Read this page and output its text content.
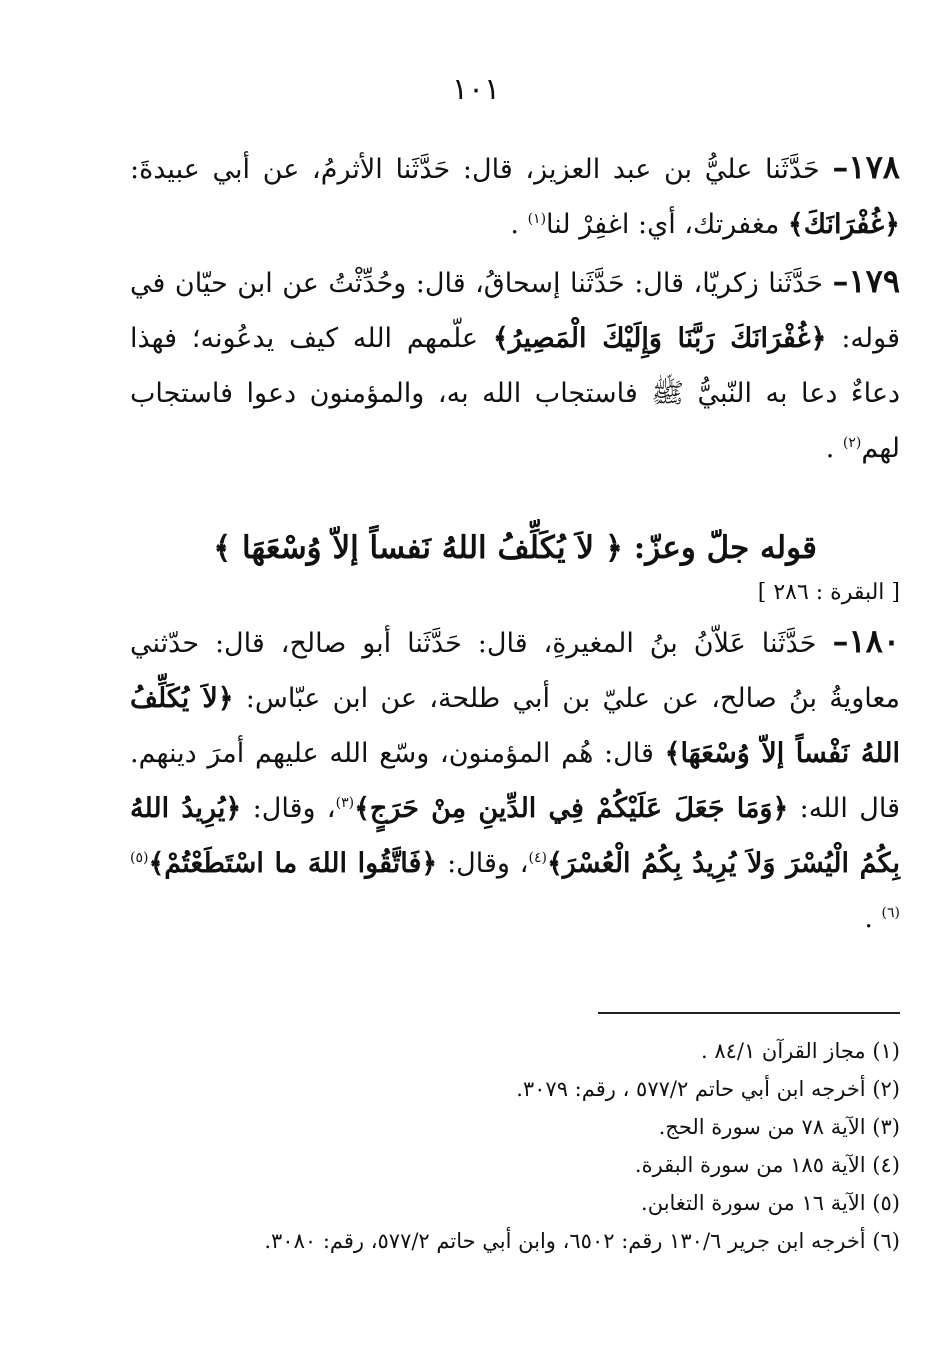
١٠١

١٧٨– حَدَّثَنا عليُّ بن عبد العزيز، قال: حَدَّثَنا الأثرمُ، عن أبي عبيدةَ: ﴿غُفْرَانَكَ﴾ مغفرتك، أي: اغفِرْ لنا$^{(١)}$ .

١٧٩– حَدَّثَنا زكريّا، قال: حَدَّثَنا إسحاقُ، قال: وحُدِّثْتُ عن ابن حيّان في قوله: ﴿غُفْرَانَكَ رَبَّنَا وَإِلَيْكَ الْمَصِيرُ﴾ علّمهم الله كيف يدعُونه؛ فهذا دعاءٌ دعا به النّبيُّ ﷺ فاستجاب الله به، والمؤمنون دعوا فاستجاب لهم$^{(٢)}$ .

قوله جلّ وعزّ: ﴿ لاَ يُكَلِّفُ اللهُ نَفساً إلاّ وُسْعَهَا ﴾

[ البقرة : ٢٨٦ ]

١٨٠– حَدَّثَنا عَلاّنُ بنُ المغيرةِ، قال: حَدَّثَنا أبو صالح، قال: حدّثني معاويةُ بنُ صالح، عن عليّ بن أبي طلحة، عن ابن عبّاس: ﴿لاَ يُكَلِّفُ اللهُ نَفْساً إلاّ وُسْعَهَا﴾ قال: هُم المؤمنون، وسّع الله عليهم أمرَ دينهم. قال الله: ﴿وَمَا جَعَلَ عَلَيْكُمْ فِي الدِّينِ مِنْ حَرَجٍ﴾$^{(٣)}$، وقال: ﴿يُرِيدُ اللهُ بِكُمُ الْيُسْرَ وَلاَ يُرِيدُ بِكُمُ الْعُسْرَ﴾$^{(٤)}$، وقال: ﴿فَاتَّقُوا اللهَ ما اسْتَطَعْتُمْ﴾$^{(٥)(٦)}$ .

(١) مجاز القرآن ٨٤/١ .

(٢) أخرجه ابن أبي حاتم ٥٧٧/٢ ، رقم: ٣٠٧٩.

(٣) الآية ٧٨ من سورة الحج.

(٤) الآية ١٨٥ من سورة البقرة.

(٥) الآية ١٦ من سورة التغابن.

(٦) أخرجه ابن جرير ١٣٠/٦ رقم: ٦٥٠٢، وابن أبي حاتم ٥٧٧/٢، رقم: ٣٠٨٠.
